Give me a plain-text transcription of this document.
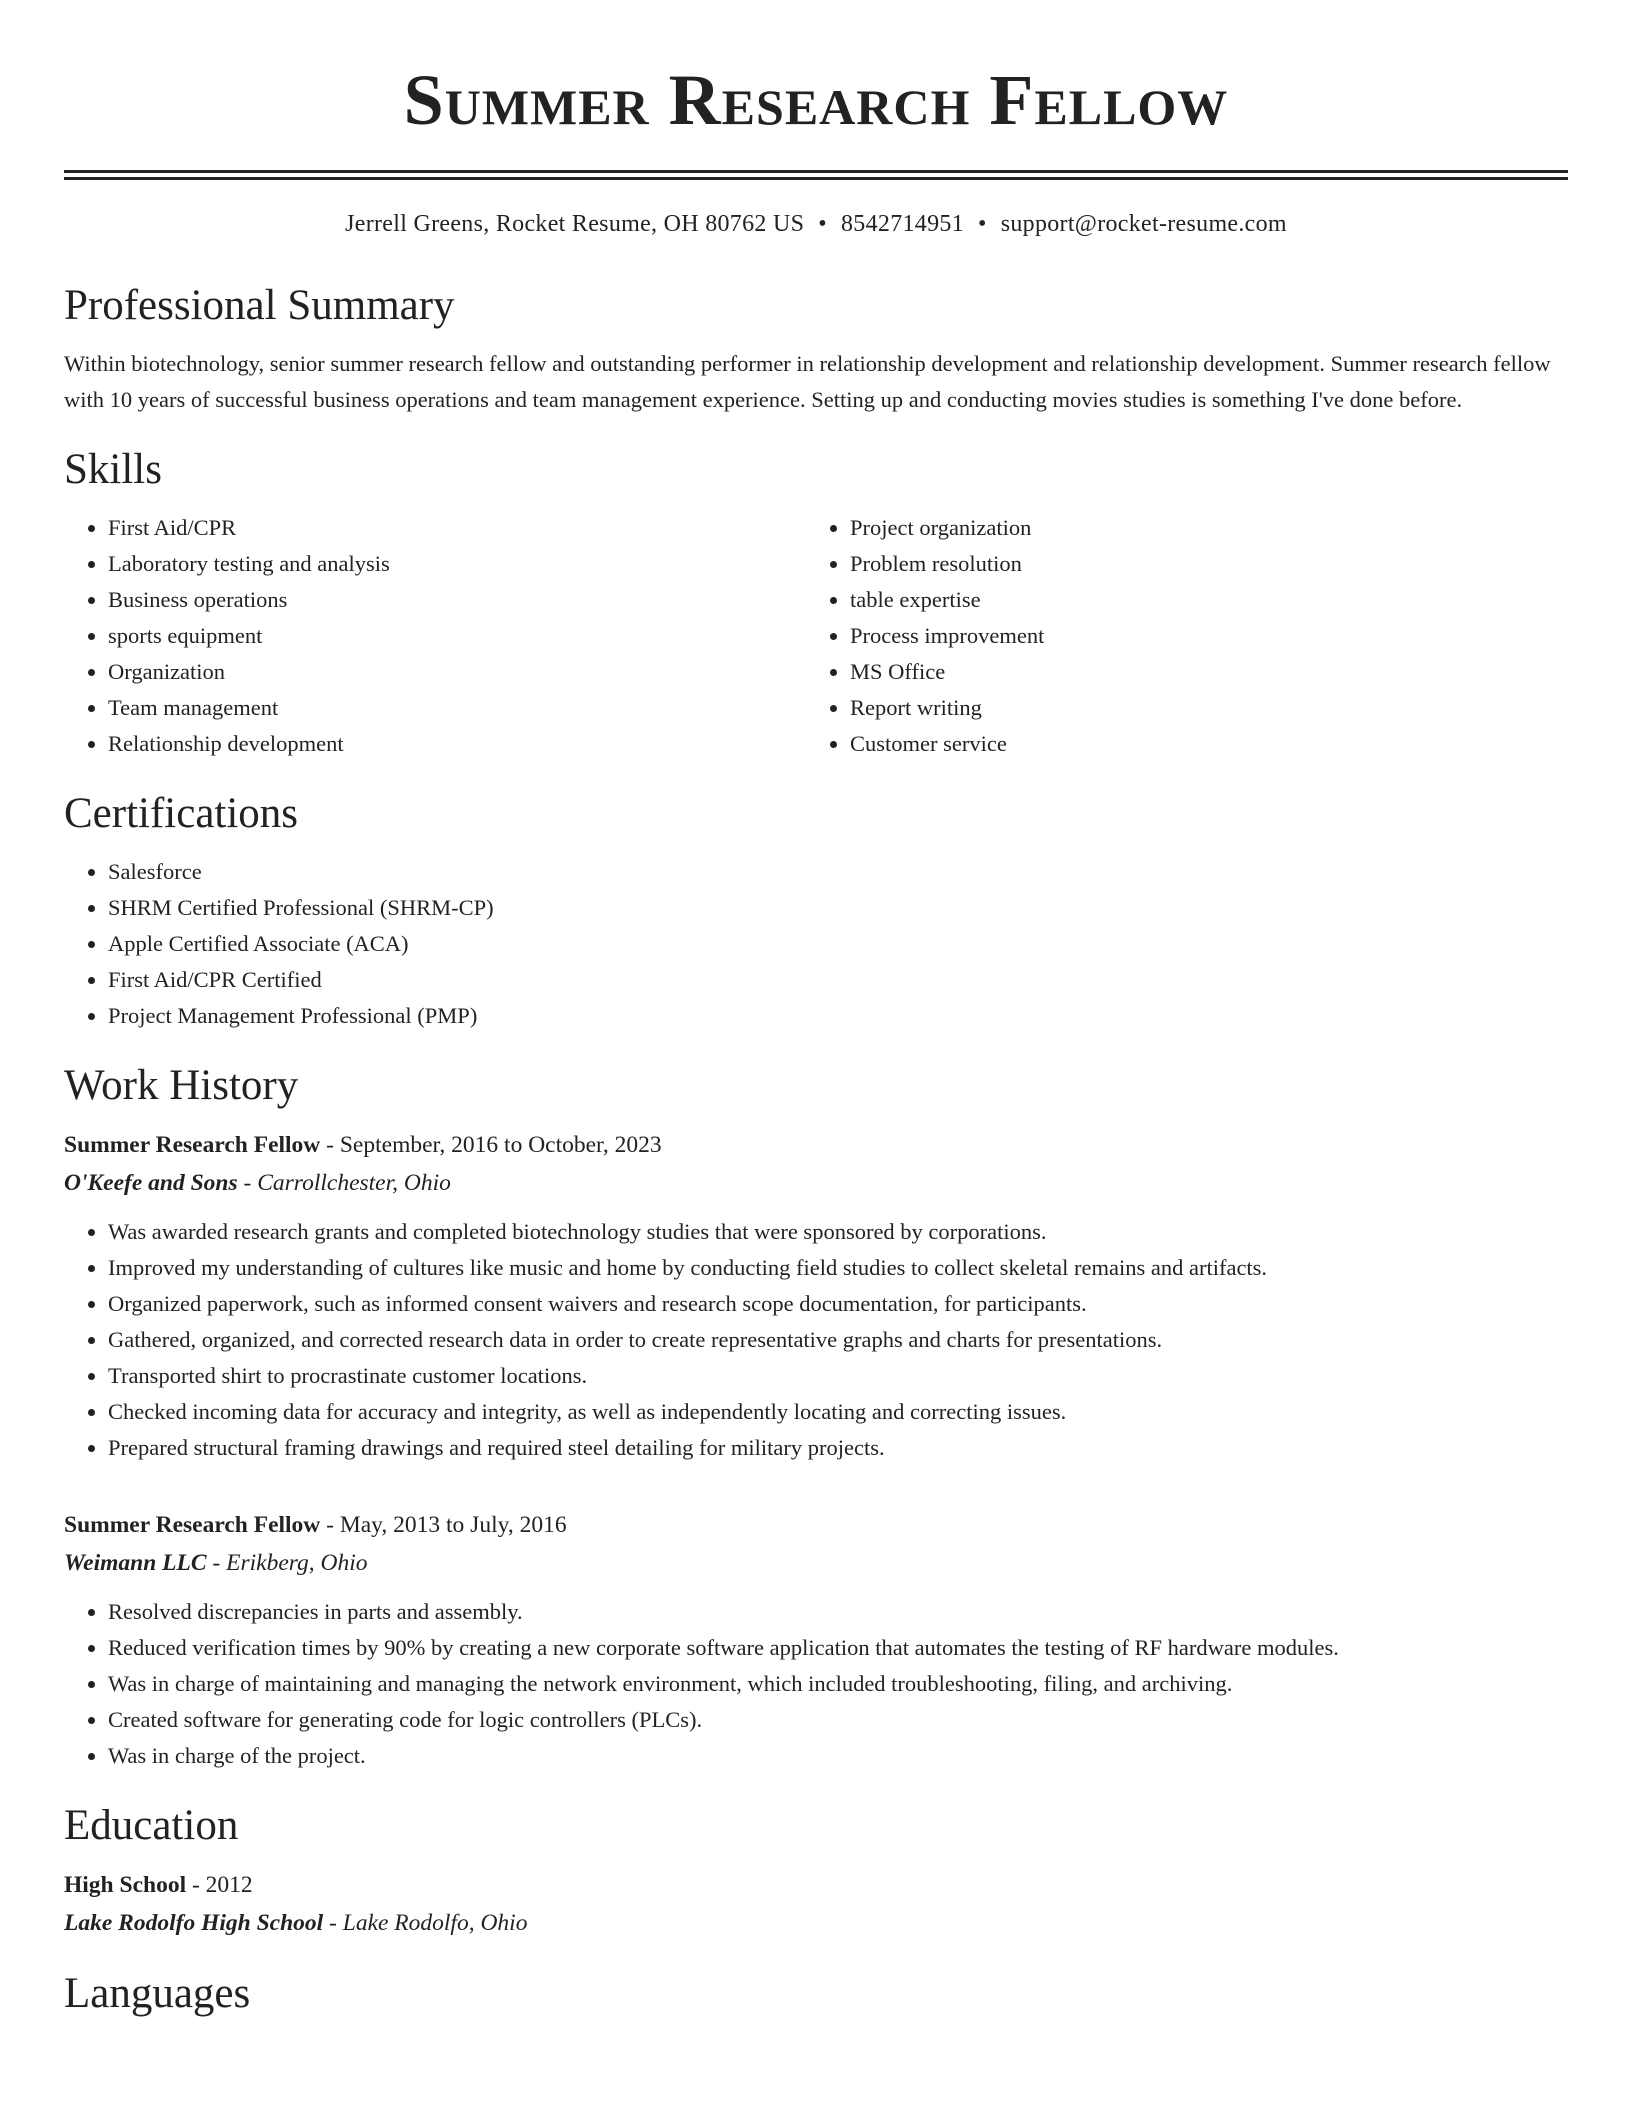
Summer Research Fellow
Jerrell Greens, Rocket Resume, OH 80762 US • 8542714951 • support@rocket-resume.com
Professional Summary
Within biotechnology, senior summer research fellow and outstanding performer in relationship development and relationship development. Summer research fellow with 10 years of successful business operations and team management experience. Setting up and conducting movies studies is something I've done before.
Skills
• First Aid/CPR
• Laboratory testing and analysis
• Business operations
• sports equipment
• Organization
• Team management
• Relationship development
• Project organization
• Problem resolution
• table expertise
• Process improvement
• MS Office
• Report writing
• Customer service
Certifications
• Salesforce
• SHRM Certified Professional (SHRM-CP)
• Apple Certified Associate (ACA)
• First Aid/CPR Certified
• Project Management Professional (PMP)
Work History
Summer Research Fellow - September, 2016 to October, 2023
O'Keefe and Sons - Carrollchester, Ohio
• Was awarded research grants and completed biotechnology studies that were sponsored by corporations.
• Improved my understanding of cultures like music and home by conducting field studies to collect skeletal remains and artifacts.
• Organized paperwork, such as informed consent waivers and research scope documentation, for participants.
• Gathered, organized, and corrected research data in order to create representative graphs and charts for presentations.
• Transported shirt to procrastinate customer locations.
• Checked incoming data for accuracy and integrity, as well as independently locating and correcting issues.
• Prepared structural framing drawings and required steel detailing for military projects.
Summer Research Fellow - May, 2013 to July, 2016
Weimann LLC - Erikberg, Ohio
• Resolved discrepancies in parts and assembly.
• Reduced verification times by 90% by creating a new corporate software application that automates the testing of RF hardware modules.
• Was in charge of maintaining and managing the network environment, which included troubleshooting, filing, and archiving.
• Created software for generating code for logic controllers (PLCs).
• Was in charge of the project.
Education
High School - 2012
Lake Rodolfo High School - Lake Rodolfo, Ohio
Languages
